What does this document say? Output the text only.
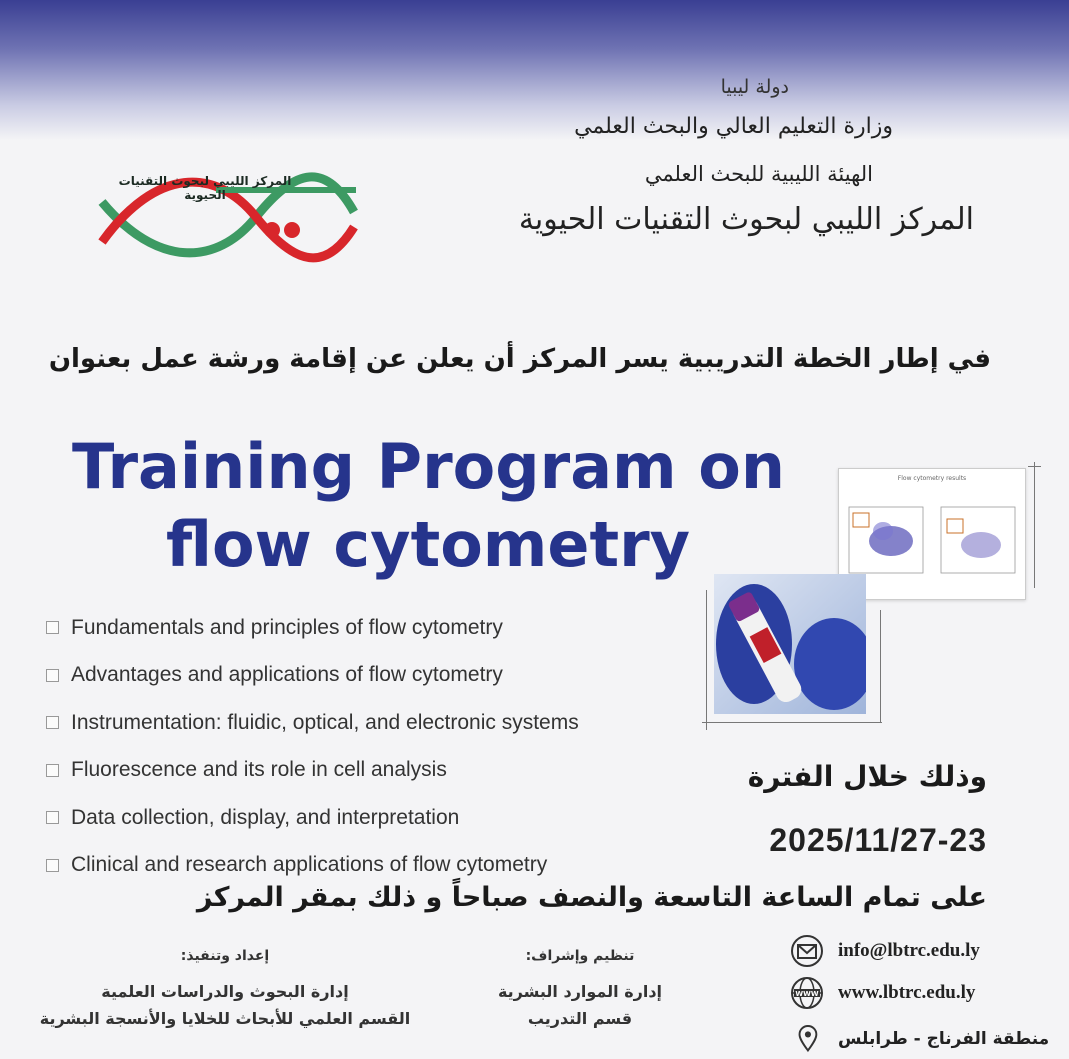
دولة ليبيا
وزارة التعليم العالي والبحث العلمي
الهيئة الليبية للبحث العلمي
المركز الليبي لبحوث التقنيات الحيوية
المركز الليبي لبحوث التقنيات الحيوية
في إطار الخطة التدريبية يسر المركز أن يعلن عن إقامة ورشة عمل بعنوان
Training Program on
flow cytometry
Fundamentals and principles of flow cytometry
Advantages and applications of flow cytometry
Instrumentation: fluidic, optical, and electronic systems
Fluorescence and its role in cell analysis
Data collection, display, and interpretation
Clinical and research applications of flow cytometry
Flow cytometry results
وذلك خلال الفترة
2025/11/27-23
على تمام الساعة التاسعة والنصف صباحاً و ذلك بمقر المركز
info@lbtrc.edu.ly
WWW www.lbtrc.edu.ly
منطقة الفرناج - طرابلس
تنظيم وإشراف:
إدارة الموارد البشرية
قسم التدريب
إعداد وتنفيذ:
إدارة البحوث والدراسات العلمية
القسم العلمي للأبحاث للخلايا والأنسجة البشرية
